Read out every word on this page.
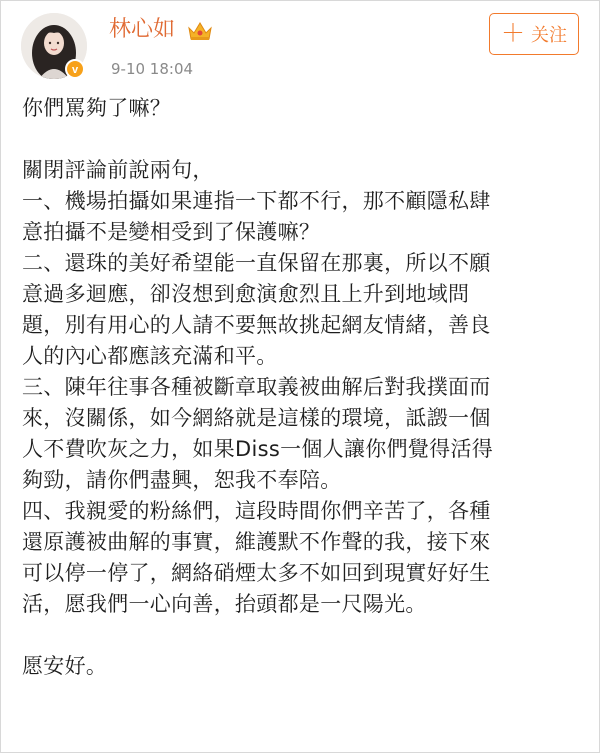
v
林心如
9-10 18:04
＋ 关注
你們罵夠了嘛？
關閉評論前說兩句，
一、機場拍攝如果連指一下都不行，那不顧隱私肆
意拍攝不是變相受到了保護嘛？
二、還珠的美好希望能一直保留在那裏，所以不願
意過多迴應，卻沒想到愈演愈烈且上升到地域問
題，別有用心的人請不要無故挑起網友情緒，善良
人的內心都應該充滿和平。
三、陳年往事各種被斷章取義被曲解后對我撲面而
來，沒關係，如今網絡就是這樣的環境，詆譭一個
人不費吹灰之力，如果Diss一個人讓你們覺得活得
夠勁，請你們盡興，恕我不奉陪。
四、我親愛的粉絲們，這段時間你們辛苦了，各種
還原護被曲解的事實，維護默不作聲的我，接下來
可以停一停了，網絡硝煙太多不如回到現實好好生
活，愿我們一心向善，抬頭都是一尺陽光。
愿安好。
